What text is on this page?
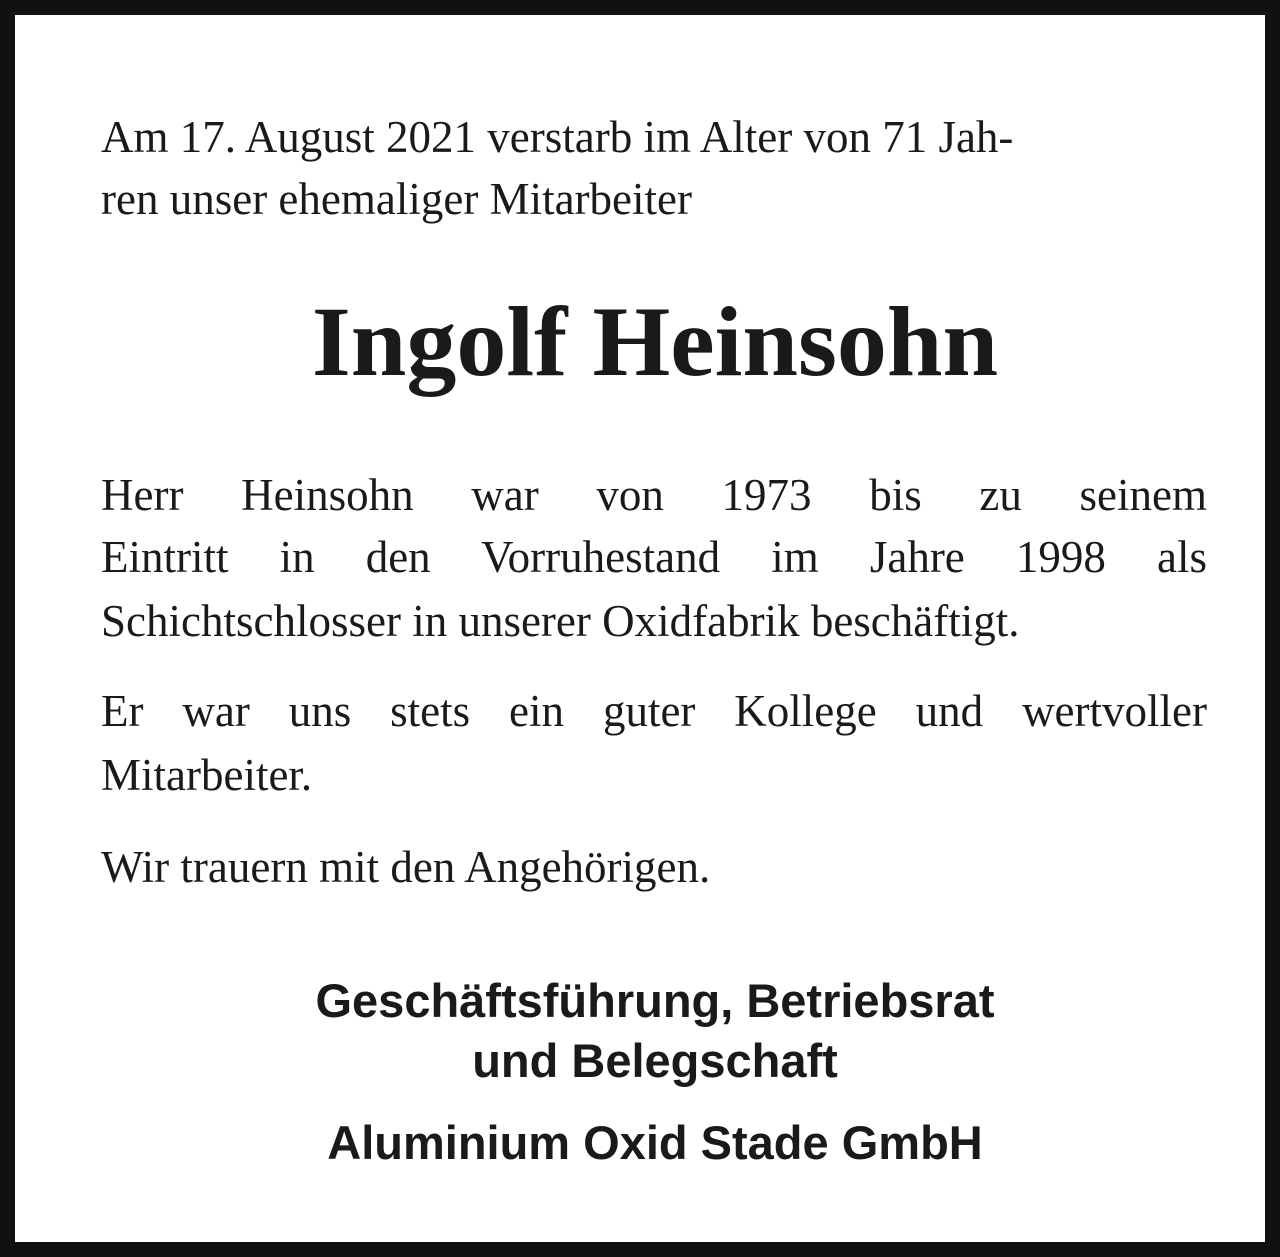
Am 17. August 2021 verstarb im Alter von 71 Jah-
ren unser ehemaliger Mitarbeiter
Ingolf Heinsohn
Herr Heinsohn war von 1973 bis zu seinem
Eintritt in den Vorruhestand im Jahre 1998 als
Schichtschlosser in unserer Oxidfabrik beschäftigt.
Er war uns stets ein guter Kollege und wertvoller
Mitarbeiter.
Wir trauern mit den Angehörigen.
Geschäftsführung, Betriebsrat
und Belegschaft
Aluminium Oxid Stade GmbH
